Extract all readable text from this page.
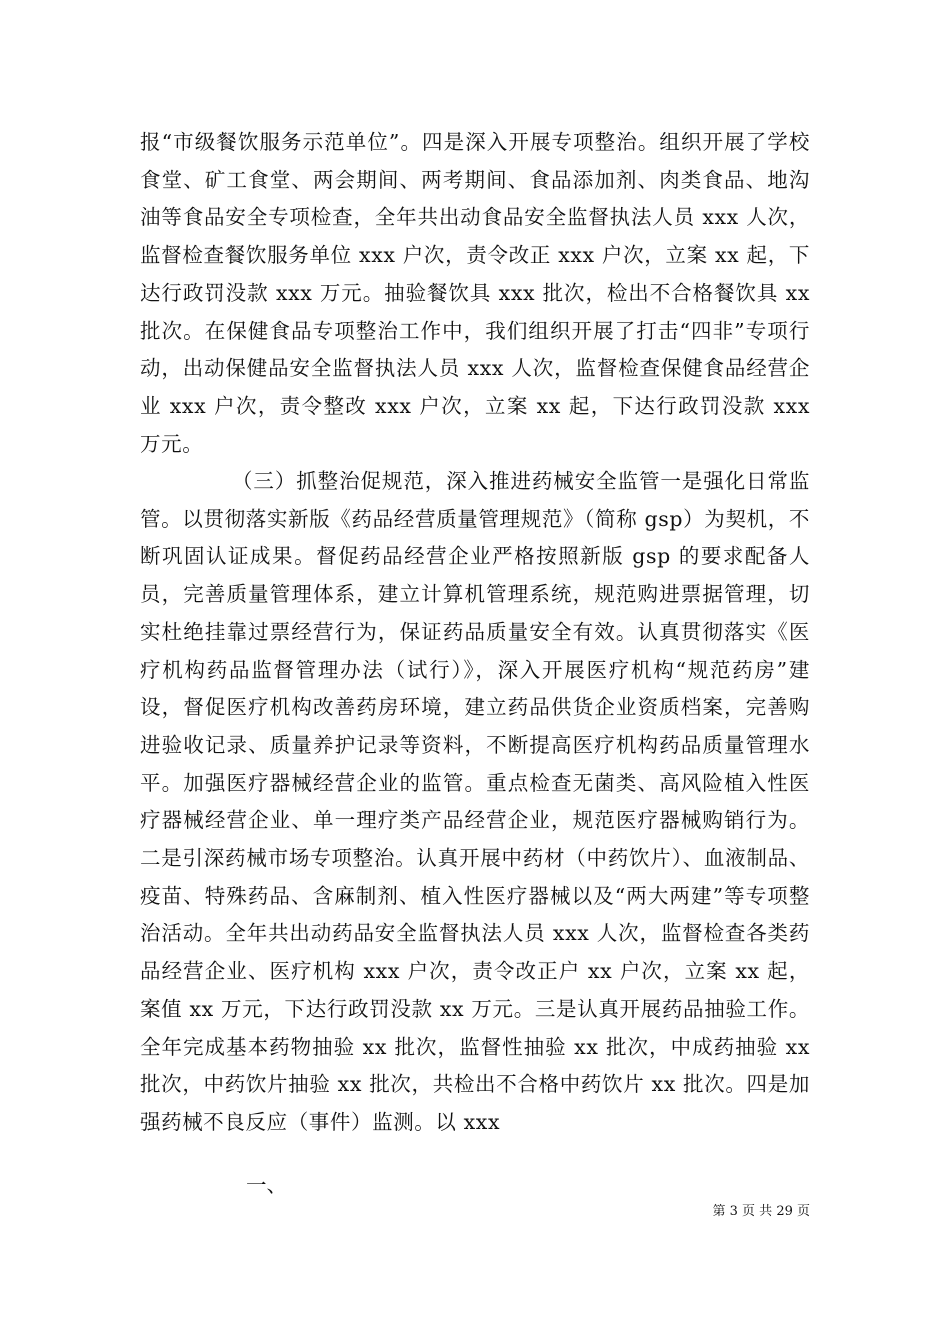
报“市级餐饮服务示范单位”。四是深入开展专项整治。组织开展了学校食堂、矿工食堂、两会期间、两考期间、食品添加剂、肉类食品、地沟油等食品安全专项检查，全年共出动食品安全监督执法人员 xxx 人次，监督检查餐饮服务单位 xxx 户次，责令改正 xxx 户次，立案 xx 起，下达行政罚没款 xxx 万元。抽验餐饮具 xxx 批次，检出不合格餐饮具 xx 批次。在保健食品专项整治工作中，我们组织开展了打击“四非”专项行动，出动保健品安全监督执法人员 xxx 人次，监督检查保健食品经营企业 xxx 户次，责令整改 xxx 户次，立案 xx 起，下达行政罚没款 xxx 万元。

（三）抓整治促规范，深入推进药械安全监管一是强化日常监管。以贯彻落实新版《药品经营质量管理规范》（简称 gsp）为契机，不断巩固认证成果。督促药品经营企业严格按照新版 gsp 的要求配备人员，完善质量管理体系，建立计算机管理系统，规范购进票据管理，切实杜绝挂靠过票经营行为，保证药品质量安全有效。认真贯彻落实《医疗机构药品监督管理办法（试行）》，深入开展医疗机构“规范药房”建设，督促医疗机构改善药房环境，建立药品供货企业资质档案，完善购进验收记录、质量养护记录等资料，不断提高医疗机构药品质量管理水平。加强医疗器械经营企业的监管。重点检查无菌类、高风险植入性医疗器械经营企业、单一理疗类产品经营企业，规范医疗器械购销行为。二是引深药械市场专项整治。认真开展中药材（中药饮片）、血液制品、疫苗、特殊药品、含麻制剂、植入性医疗器械以及“两大两建”等专项整治活动。全年共出动药品安全监督执法人员 xxx 人次，监督检查各类药品经营企业、医疗机构 xxx 户次，责令改正户 xx 户次，立案 xx 起，案值 xx 万元，下达行政罚没款 xx 万元。三是认真开展药品抽验工作。全年完成基本药物抽验 xx 批次，监督性抽验 xx 批次，中成药抽验 xx 批次，中药饮片抽验 xx 批次，共检出不合格中药饮片 xx 批次。四是加强药械不良反应（事件）监测。以 xxx

一、

第 3 页 共 29 页
